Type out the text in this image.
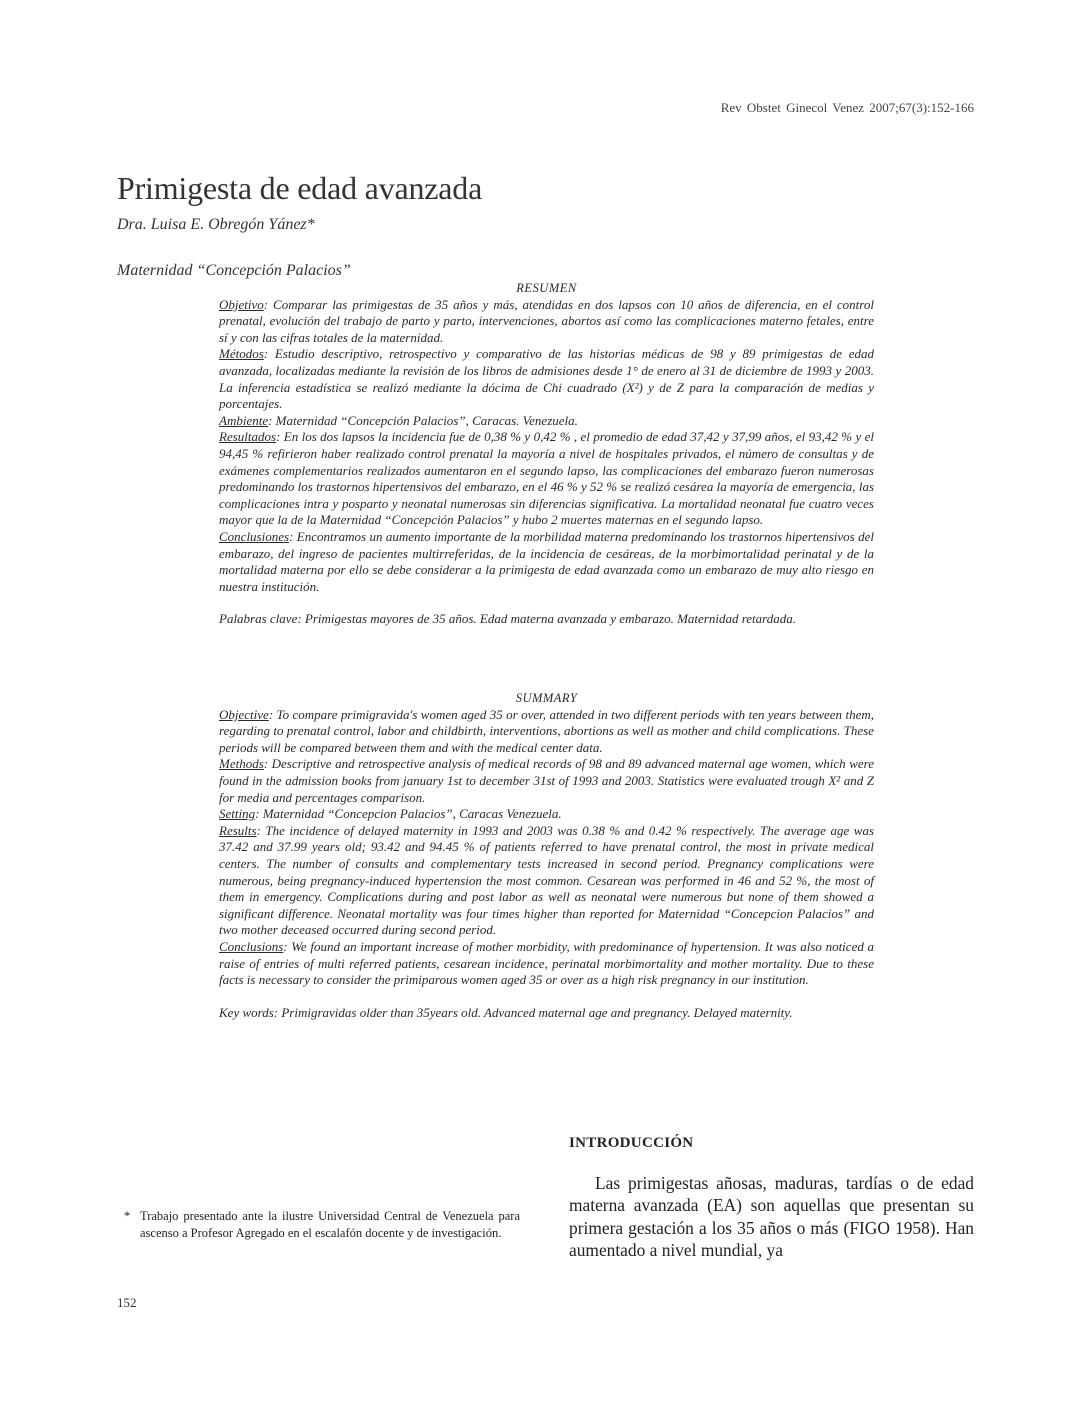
Rev Obstet Ginecol Venez 2007;67(3):152-166
Primigesta de edad avanzada
Dra. Luisa E. Obregón Yánez*
Maternidad “Concepción Palacios”

RESUMEN

Objetivo: Comparar las primigestas de 35 años y más, atendidas en dos lapsos con 10 años de diferencia, en el control prenatal, evolución del trabajo de parto y parto, intervenciones, abortos así como las complicaciones materno fetales, entre sí y con las cifras totales de la maternidad.

Métodos: Estudio descriptivo, retrospectivo y comparativo de las historias médicas de 98 y 89 primigestas de edad avanzada, localizadas mediante la revisión de los libros de admisiones desde 1° de enero al 31 de diciembre de 1993 y 2003. La inferencia estadística se realizó mediante la dócima de Chi cuadrado (X²) y de Z para la comparación de medias y porcentajes.

Ambiente: Maternidad “Concepción Palacios”, Caracas. Venezuela.

Resultados: En los dos lapsos la incidencia fue de 0,38 % y 0,42 % , el promedio de edad 37,42 y 37,99 años, el 93,42 % y el 94,45 % refirieron haber realizado control prenatal la mayoría a nivel de hospitales privados, el número de consultas y de exámenes complementarios realizados aumentaron en el segundo lapso, las complicaciones del embarazo fueron numerosas predominando los trastornos hipertensivos del embarazo, en el 46 % y 52 % se realizó cesárea la mayoría de emergencia, las complicaciones intra y posparto y neonatal numerosas sin diferencias significativa. La mortalidad neonatal fue cuatro veces mayor que la de la Maternidad “Concepción Palacios” y hubo 2 muertes maternas en el segundo lapso.

Conclusiones: Encontramos un aumento importante de la morbilidad materna predominando los trastornos hipertensivos del embarazo, del ingreso de pacientes multirreferidas, de la incidencia de cesáreas, de la morbimortalidad perinatal y de la mortalidad materna por ello se debe considerar a la primigesta de edad avanzada como un embarazo de muy alto riesgo en nuestra institución.

Palabras clave: Primigestas mayores de 35 años. Edad materna avanzada y embarazo. Maternidad retardada.

SUMMARY

Objective: To compare primigravida's women aged 35 or over, attended in two different periods with ten years between them, regarding to prenatal control, labor and childbirth, interventions, abortions as well as mother and child complications. These periods will be compared between them and with the medical center data.

Methods: Descriptive and retrospective analysis of medical records of 98 and 89 advanced maternal age women, which were found in the admission books from january 1st to december 31st of 1993 and 2003. Statistics were evaluated trough X² and Z for media and percentages comparison.

Setting: Maternidad “Concepcion Palacios”, Caracas Venezuela.

Results: The incidence of delayed maternity in 1993 and 2003 was 0.38 % and 0.42 % respectively. The average age was 37.42 and 37.99 years old; 93.42 and 94.45 % of patients referred to have prenatal control, the most in private medical centers. The number of consults and complementary tests increased in second period. Pregnancy complications were numerous, being pregnancy-induced hypertension the most common. Cesarean was performed in 46 and 52 %, the most of them in emergency. Complications during and post labor as well as neonatal were numerous but none of them showed a significant difference. Neonatal mortality was four times higher than reported for Maternidad “Concepcion Palacios” and two mother deceased occurred during second period.

Conclusions: We found an important increase of mother morbidity, with predominance of hypertension. It was also noticed a raise of entries of multi referred patients, cesarean incidence, perinatal morbimortality and mother mortality. Due to these facts is necessary to consider the primiparous women aged 35 or over as a high risk pregnancy in our institution.

Key words: Primigravidas older than 35years old. Advanced maternal age and pregnancy. Delayed maternity.

INTRODUCCIÓN

Las primigestas añosas, maduras, tardías o de edad materna avanzada (EA) son aquellas que presentan su primera gestación a los 35 años o más (FIGO 1958). Han aumentado a nivel mundial, ya

* Trabajo presentado ante la ilustre Universidad Central de Venezuela para ascenso a Profesor Agregado en el escalafón docente y de investigación.
152
